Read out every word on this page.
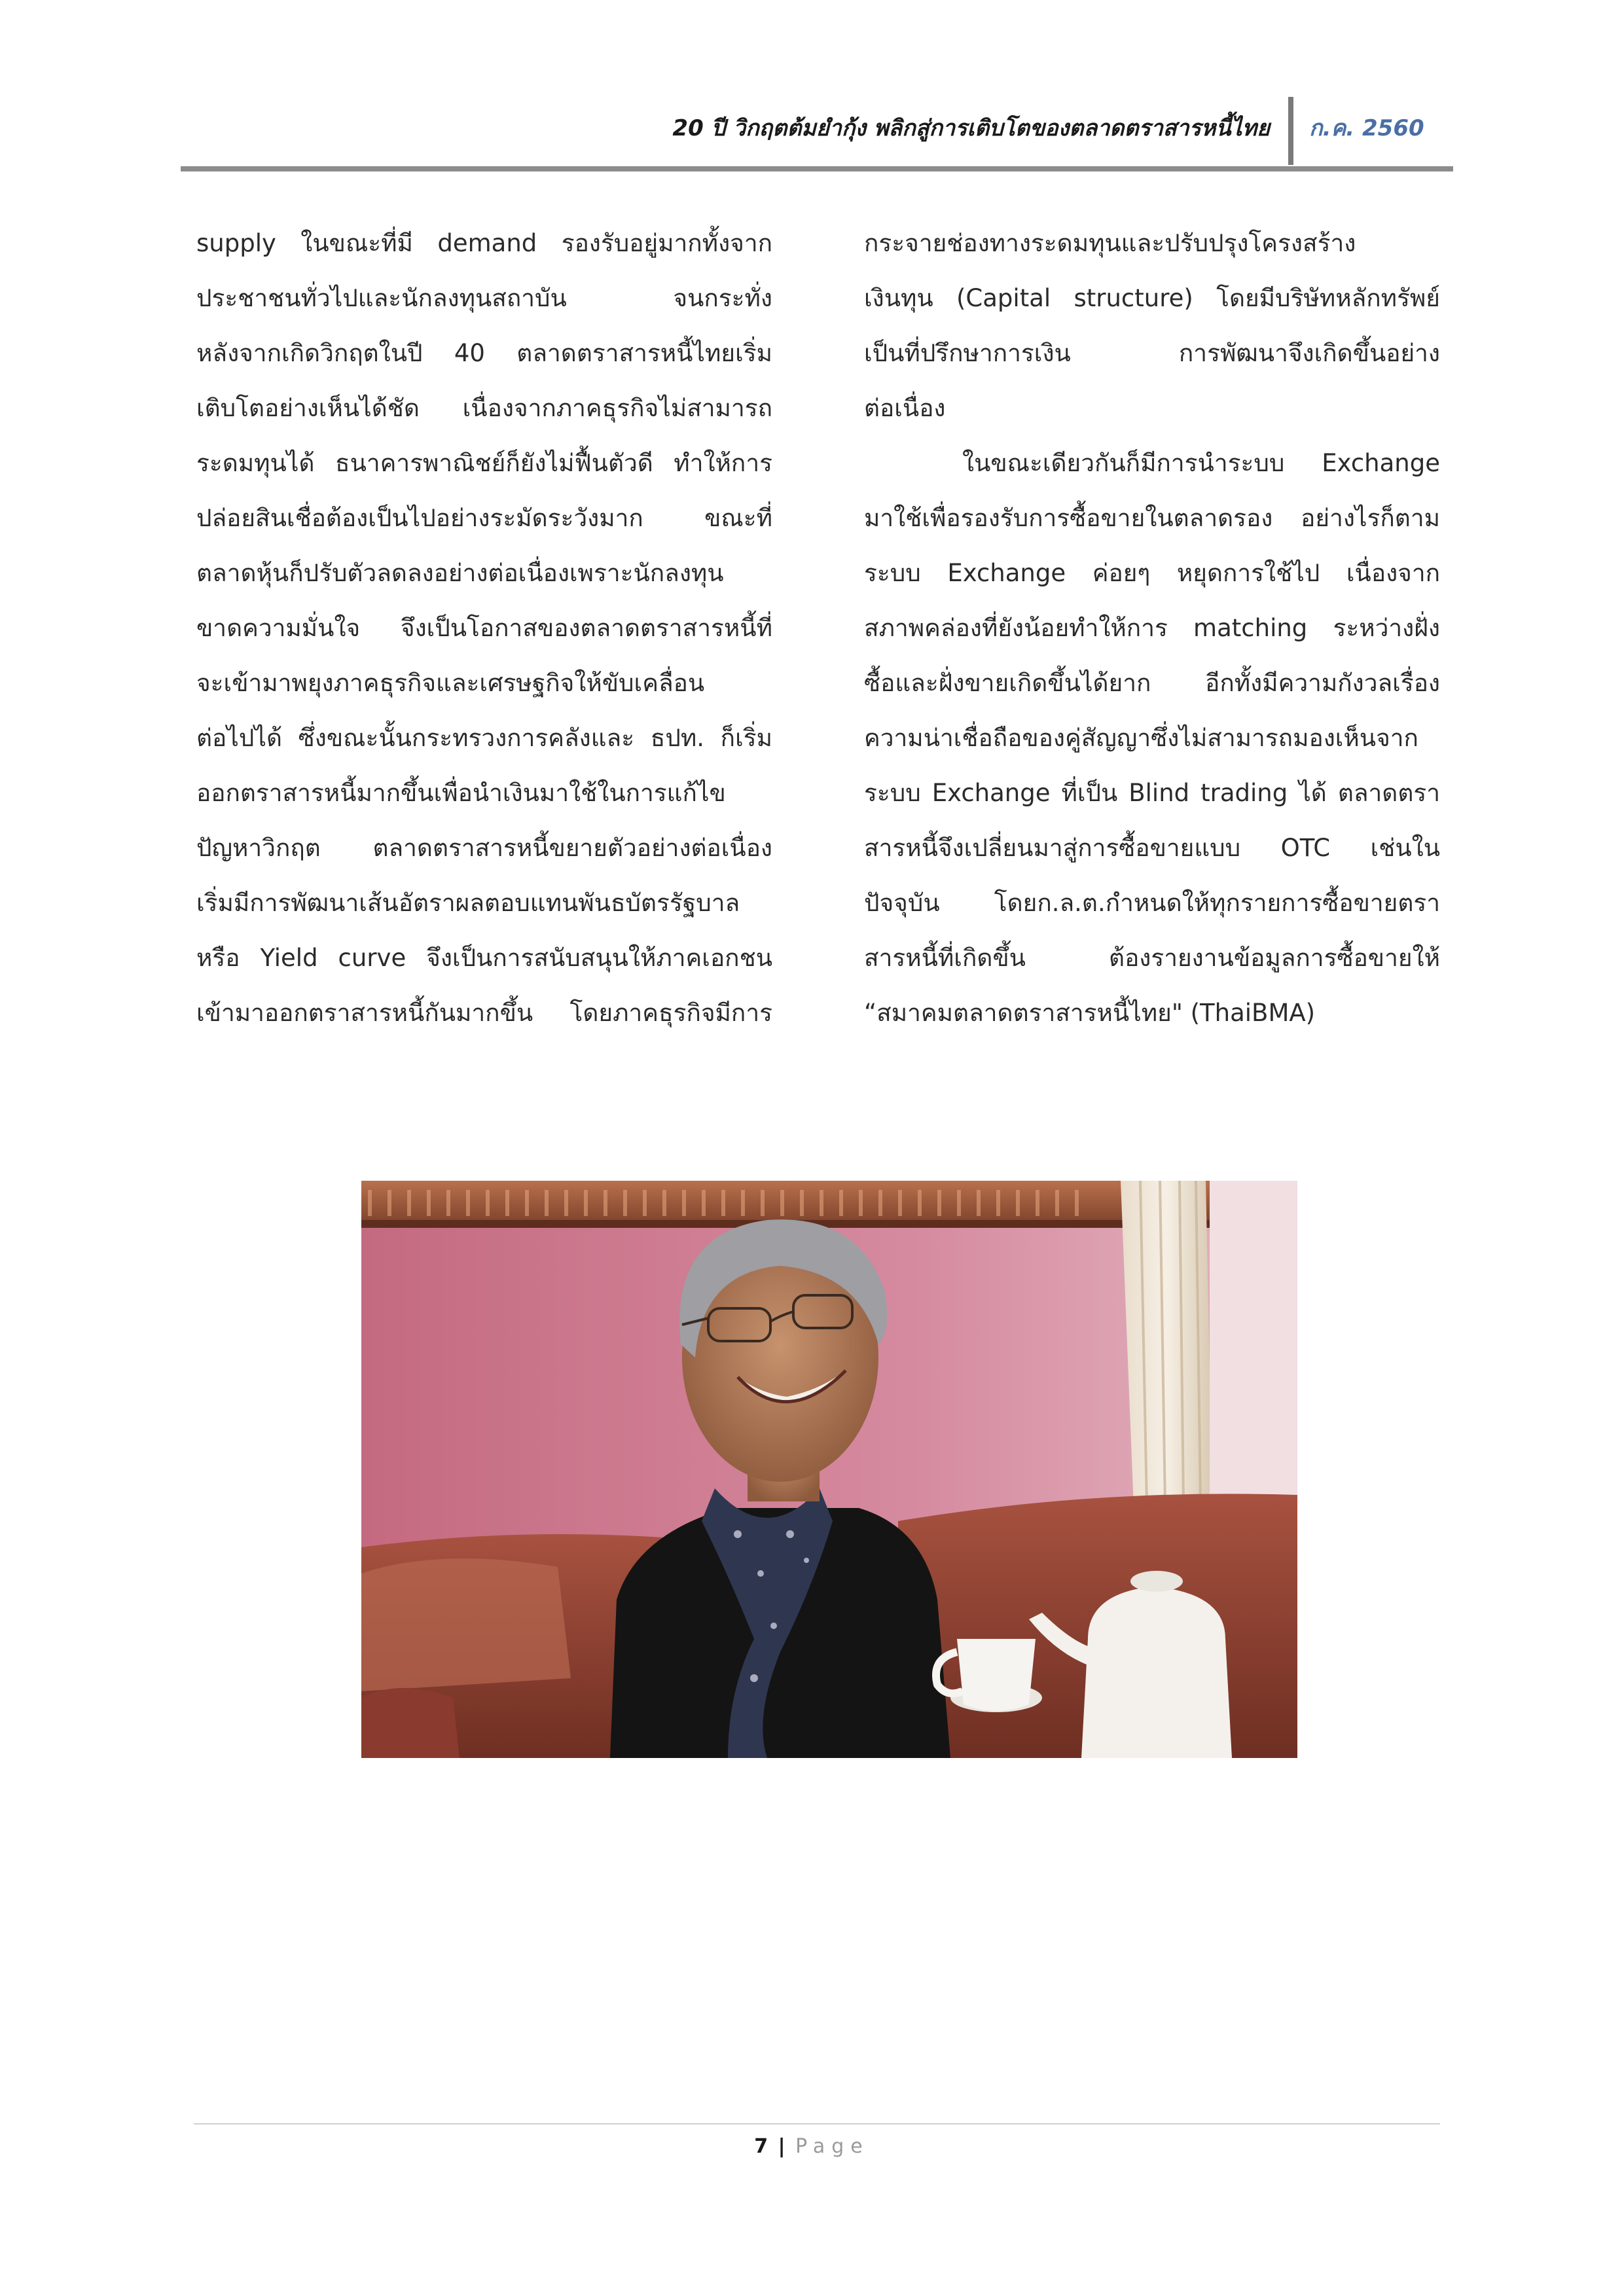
20 ปี วิกฤตต้มยำกุ้ง พลิกสู่การเติบโตของตลาดตราสารหนี้ไทย ก.ค. 2560
supply ในขณะที่มี demand รองรับอยู่มากทั้งจาก
ประชาชนทั่วไปและนักลงทุนสถาบัน จนกระทั่ง
หลังจากเกิดวิกฤตในปี 40 ตลาดตราสารหนี้ไทยเริ่ม
เติบโตอย่างเห็นได้ชัด เนื่องจากภาคธุรกิจไม่สามารถ
ระดมทุนได้ ธนาคารพาณิชย์ก็ยังไม่ฟื้นตัวดี ทำให้การ
ปล่อยสินเชื่อต้องเป็นไปอย่างระมัดระวังมาก ขณะที่
ตลาดหุ้นก็ปรับตัวลดลงอย่างต่อเนื่องเพราะนักลงทุน
ขาดความมั่นใจ จึงเป็นโอกาสของตลาดตราสารหนี้ที่
จะเข้ามาพยุงภาคธุรกิจและเศรษฐกิจให้ขับเคลื่อน
ต่อไปได้ ซึ่งขณะนั้นกระทรวงการคลังและ ธปท. ก็เริ่ม
ออกตราสารหนี้มากขึ้นเพื่อนำเงินมาใช้ในการแก้ไข
ปัญหาวิกฤต ตลาดตราสารหนี้ขยายตัวอย่างต่อเนื่อง
เริ่มมีการพัฒนาเส้นอัตราผลตอบแทนพันธบัตรรัฐบาล
หรือ Yield curve จึงเป็นการสนับสนุนให้ภาคเอกชน
เข้ามาออกตราสารหนี้กันมากขึ้น โดยภาคธุรกิจมีการ
กระจายช่องทางระดมทุนและปรับปรุงโครงสร้าง
เงินทุน (Capital structure) โดยมีบริษัทหลักทรัพย์
เป็นที่ปรึกษาการเงิน การพัฒนาจึงเกิดขึ้นอย่าง
ต่อเนื่อง
ในขณะเดียวกันก็มีการนำระบบ Exchange
มาใช้เพื่อรองรับการซื้อขายในตลาดรอง อย่างไรก็ตาม
ระบบ Exchange ค่อยๆ หยุดการใช้ไป เนื่องจาก
สภาพคล่องที่ยังน้อยทำให้การ matching ระหว่างฝั่ง
ซื้อและฝั่งขายเกิดขึ้นได้ยาก อีกทั้งมีความกังวลเรื่อง
ความน่าเชื่อถือของคู่สัญญาซึ่งไม่สามารถมองเห็นจาก
ระบบ Exchange ที่เป็น Blind trading ได้ ตลาดตรา
สารหนี้จึงเปลี่ยนมาสู่การซื้อขายแบบ OTC เช่นใน
ปัจจุบัน โดยก.ล.ต.กำหนดให้ทุกรายการซื้อขายตรา
สารหนี้ที่เกิดขึ้น ต้องรายงานข้อมูลการซื้อขายให้
“สมาคมตลาดตราสารหนี้ไทย" (ThaiBMA)
7 | Page
